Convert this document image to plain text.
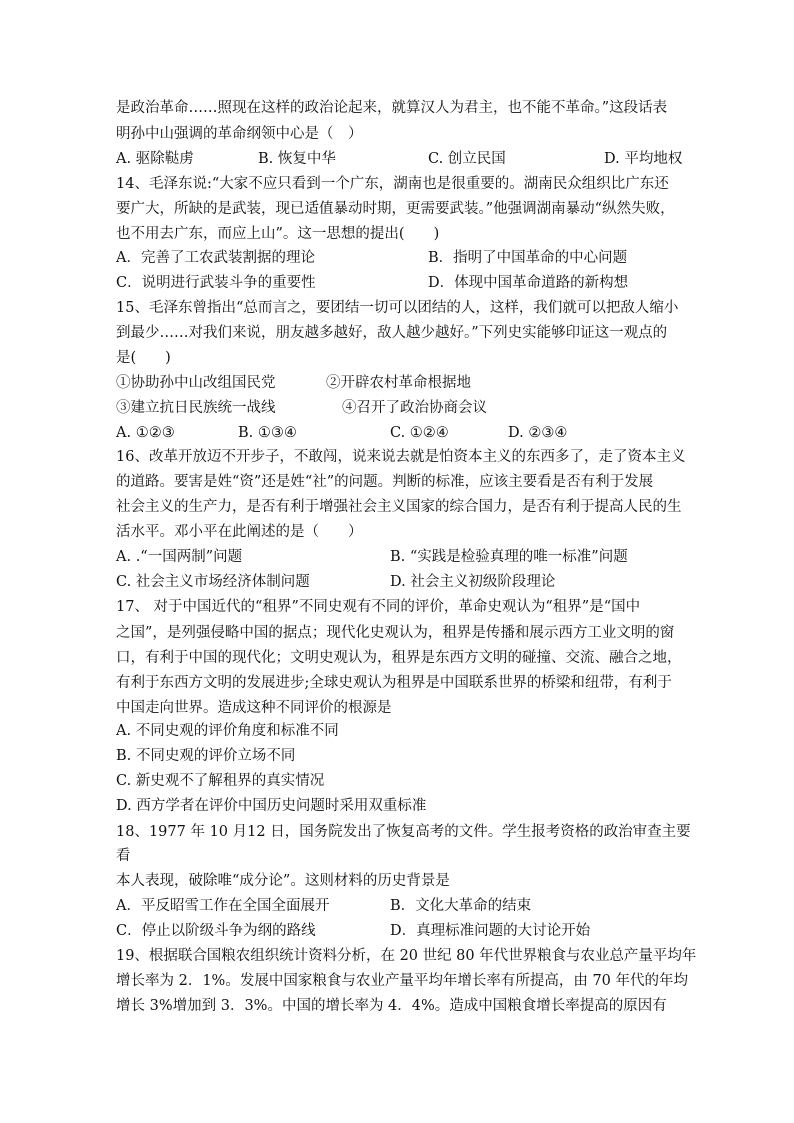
是政治革命……照现在这样的政治论起来，就算汉人为君主，也不能不革命。”这段话表
明孙中山强调的革命纲领中心是（　）
A. 驱除鞑虏	B. 恢复中华	C. 创立民国	D. 平均地权
14、毛泽东说:“大家不应只看到一个广东，湖南也是很重要的。湖南民众组织比广东还
要广大，所缺的是武装，现已适值暴动时期，更需要武装。”他强调湖南暴动“纵然失败，
也不用去广东，而应上山”。这一思想的提出(　　)
A．完善了工农武装割据的理论	B．指明了中国革命的中心问题
C．说明进行武装斗争的重要性	D．体现中国革命道路的新构想
15、毛泽东曾指出“总而言之，要团结一切可以团结的人，这样，我们就可以把敌人缩小
到最少……对我们来说，朋友越多越好，敌人越少越好。”下列史实能够印证这一观点的
是(　　)
①协助孙中山改组国民党	②开辟农村革命根据地
③建立抗日民族统一战线	④召开了政治协商会议
A. ①②③	B. ①③④	C. ①②④	D. ②③④
16、改革开放迈不开步子，不敢闯，说来说去就是怕资本主义的东西多了，走了资本主义
的道路。要害是姓“资”还是姓“社”的问题。判断的标准，应该主要看是否有利于发展
社会主义的生产力，是否有利于增强社会主义国家的综合国力，是否有利于提高人民的生
活水平。邓小平在此阐述的是（　　）
A. .“一国两制”问题	B. “实践是检验真理的唯一标准”问题
C. 社会主义市场经济体制问题	D. 社会主义初级阶段理论
17、 对于中国近代的“租界”不同史观有不同的评价，革命史观认为“租界”是“国中
之国”，是列强侵略中国的据点；现代化史观认为，租界是传播和展示西方工业文明的窗
口，有利于中国的现代化；文明史观认为，租界是东西方文明的碰撞、交流、融合之地，
有利于东西方文明的发展进步;全球史观认为租界是中国联系世界的桥梁和纽带，有利于
中国走向世界。造成这种不同评价的根源是
A. 不同史观的评价角度和标准不同
B. 不同史观的评价立场不同
C. 新史观不了解租界的真实情况
D. 西方学者在评价中国历史问题时采用双重标准
18、1977 年 10 月12 日，国务院发出了恢复高考的文件。学生报考资格的政治审查主要
看
本人表现，破除唯“成分论”。这则材料的历史背景是
A．平反昭雪工作在全国全面展开	B．文化大革命的结束
C．停止以阶级斗争为纲的路线	D．真理标准问题的大讨论开始
19、根据联合国粮农组织统计资料分析，在 20 世纪 80 年代世界粮食与农业总产量平均年
增长率为 2．1%。发展中国家粮食与农业产量平均年增长率有所提高，由 70 年代的年均
增长 3%增加到 3．3%。中国的增长率为 4．4%。造成中国粮食增长率提高的原因有
